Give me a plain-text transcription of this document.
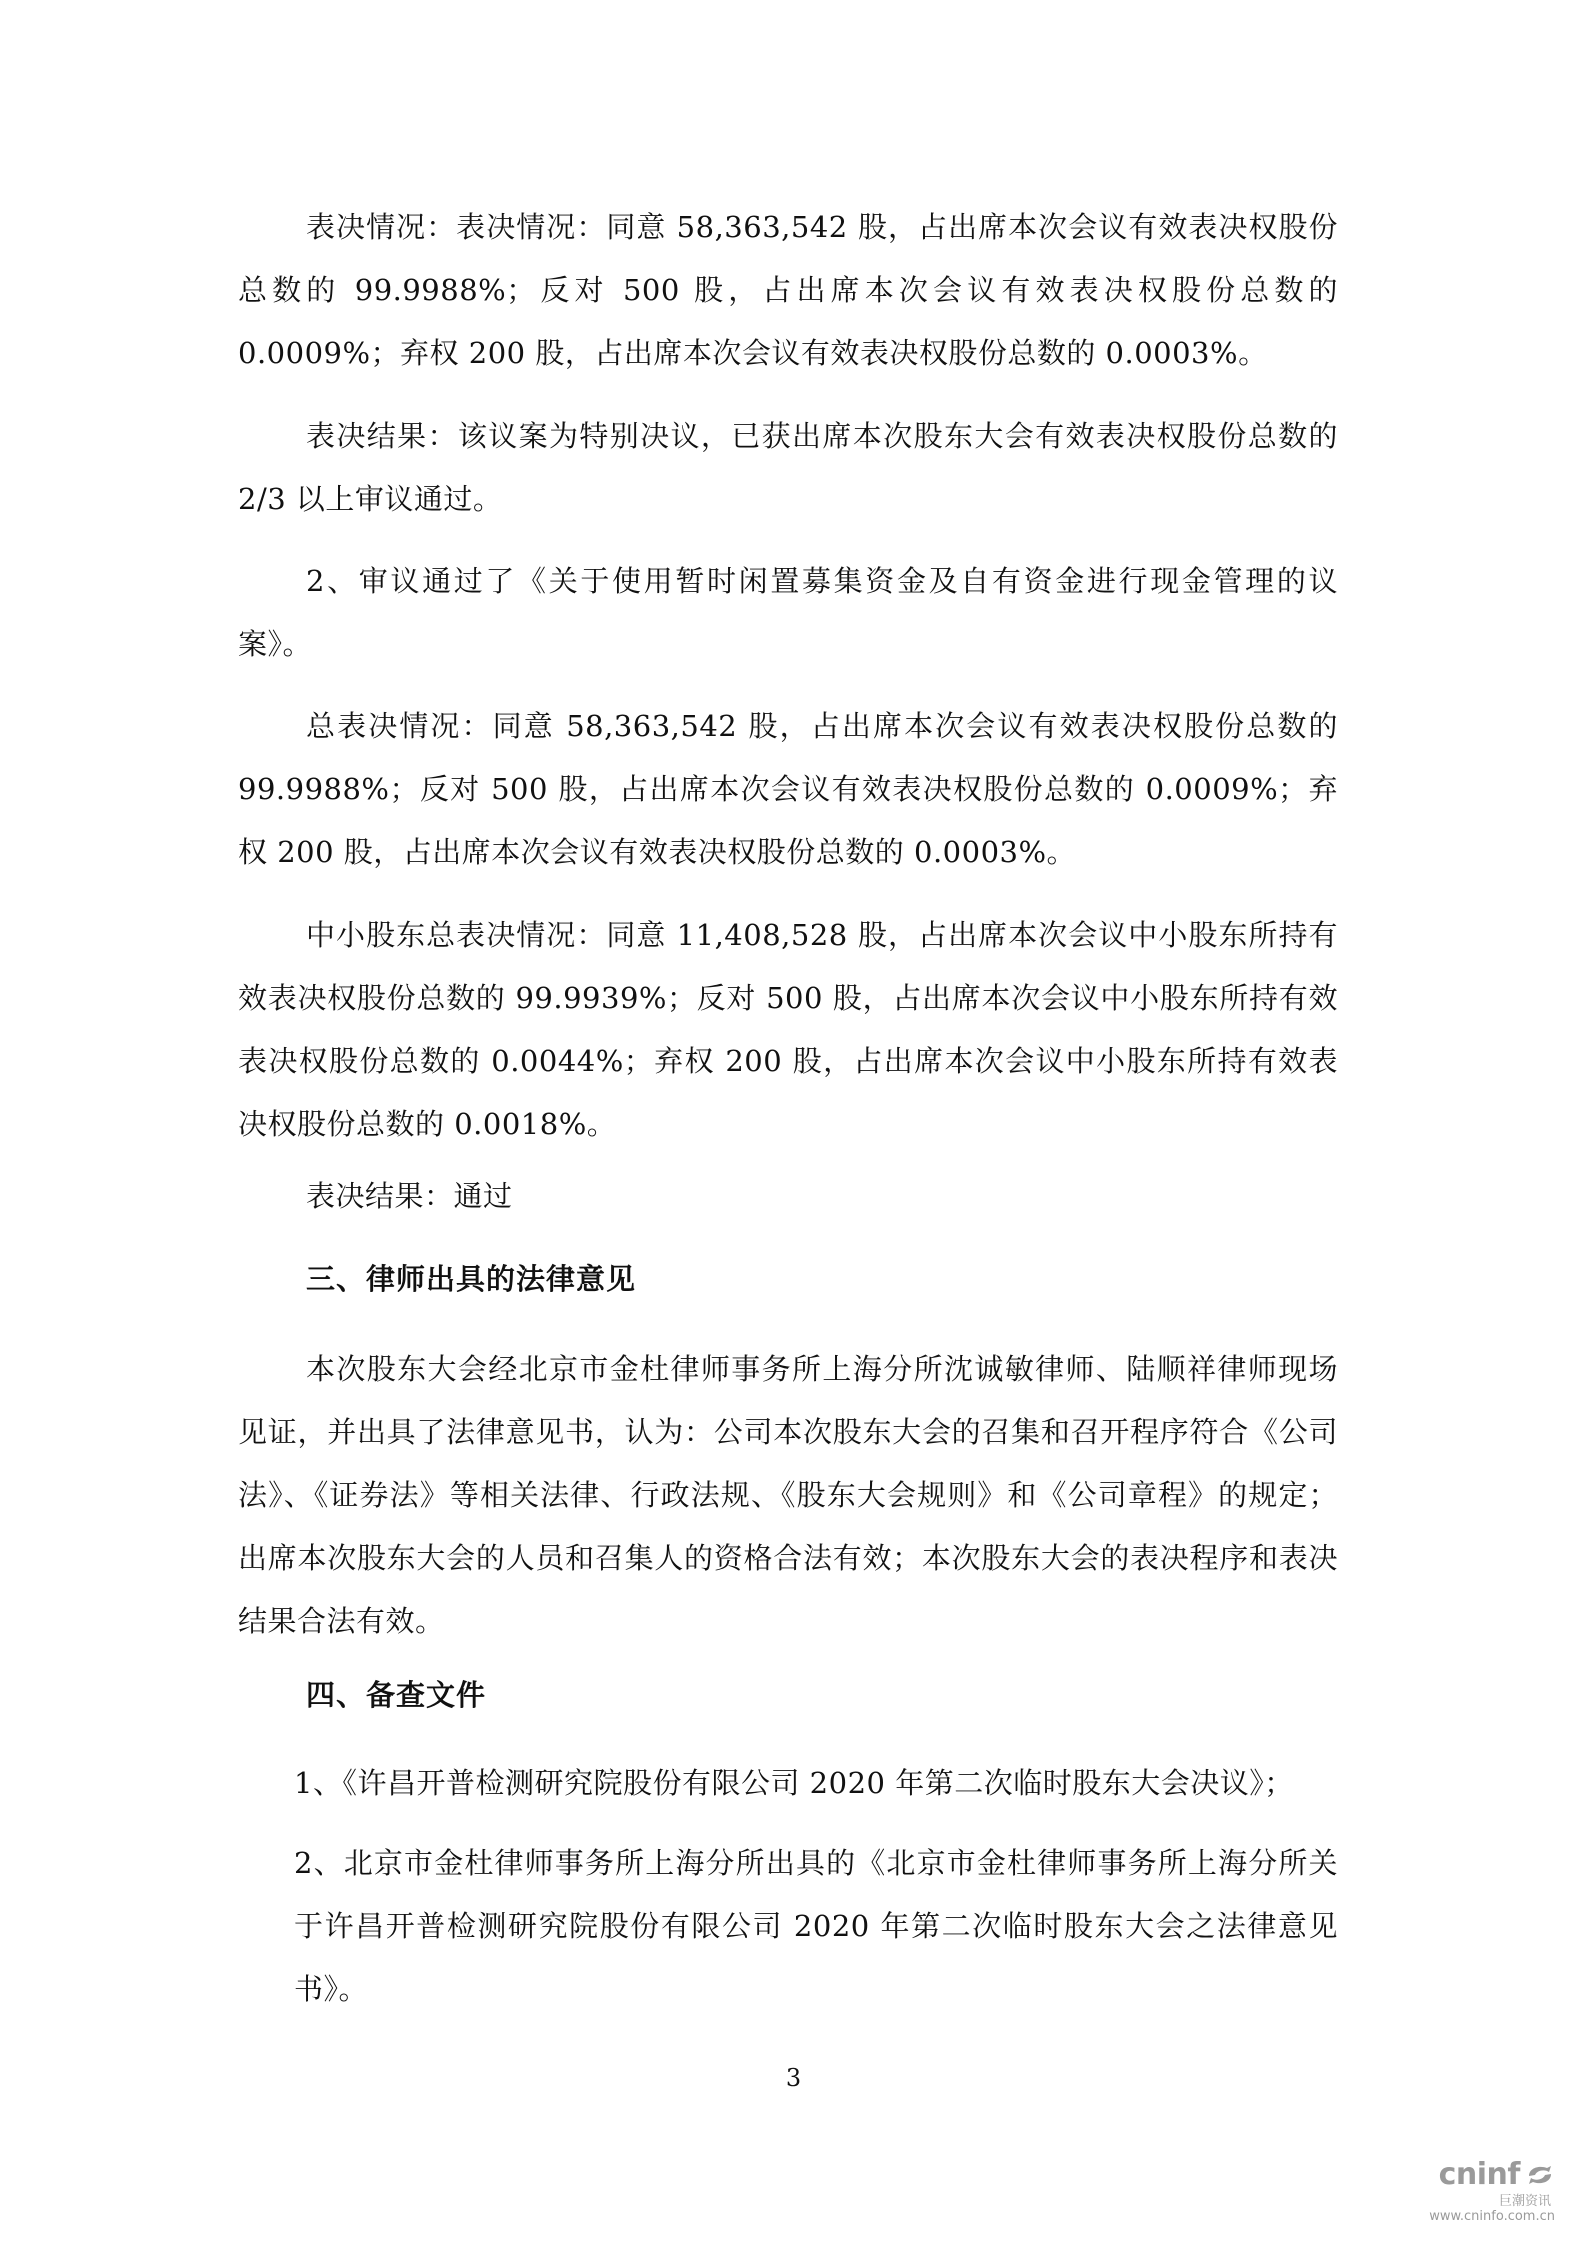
表决情况：表决情况：同意 58,363,542 股，占出席本次会议有效表决权股份总数的 99.9988%；反对 500 股，占出席本次会议有效表决权股份总数的 0.0009%；弃权 200 股，占出席本次会议有效表决权股份总数的 0.0003%。

表决结果：该议案为特别决议，已获出席本次股东大会有效表决权股份总数的 2/3 以上审议通过。

2、审议通过了《关于使用暂时闲置募集资金及自有资金进行现金管理的议案》。

总表决情况：同意 58,363,542 股，占出席本次会议有效表决权股份总数的 99.9988%；反对 500 股，占出席本次会议有效表决权股份总数的 0.0009%；弃权 200 股，占出席本次会议有效表决权股份总数的 0.0003%。

中小股东总表决情况：同意 11,408,528 股，占出席本次会议中小股东所持有效表决权股份总数的 99.9939%；反对 500 股，占出席本次会议中小股东所持有效表决权股份总数的 0.0044%；弃权 200 股，占出席本次会议中小股东所持有效表决权股份总数的 0.0018%。

表决结果：通过

三、律师出具的法律意见

本次股东大会经北京市金杜律师事务所上海分所沈诚敏律师、陆顺祥律师现场见证，并出具了法律意见书，认为：公司本次股东大会的召集和召开程序符合《公司法》、《证券法》等相关法律、行政法规、《股东大会规则》和《公司章程》的规定；出席本次股东大会的人员和召集人的资格合法有效；本次股东大会的表决程序和表决结果合法有效。

四、备查文件

1、《许昌开普检测研究院股份有限公司 2020 年第二次临时股东大会决议》；

2、北京市金杜律师事务所上海分所出具的《北京市金杜律师事务所上海分所关于许昌开普检测研究院股份有限公司 2020 年第二次临时股东大会之法律意见书》。

3
cninf
巨潮资讯
www.cninfo.com.cn
